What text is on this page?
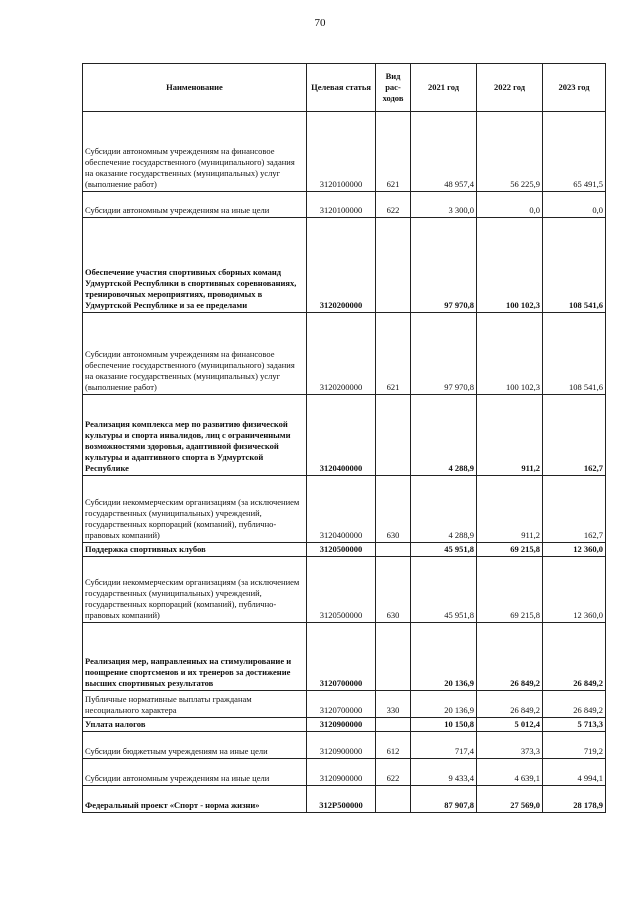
70
Наименование	Целевая статья	Вид рас-ходов	2021 год	2022 год	2023 год
Субсидии автономным учреждениям на финансовое обеспечение государственного (муниципального) задания на оказание государственных (муниципальных) услуг (выполнение работ)	3120100000	621	48 957,4	56 225,9	65 491,5
Субсидии автономным учреждениям на иные цели	3120100000	622	3 300,0	0,0	0,0
Обеспечение участия спортивных сборных команд Удмуртской Республики в спортивных соревнованиях, тренировочных мероприятиях, проводимых в Удмуртской Республике и за ее пределами	3120200000		97 970,8	100 102,3	108 541,6
Субсидии автономным учреждениям на финансовое обеспечение государственного (муниципального) задания на оказание государственных (муниципальных) услуг (выполнение работ)	3120200000	621	97 970,8	100 102,3	108 541,6
Реализация комплекса мер по развитию физической культуры и спорта инвалидов, лиц с ограниченными возможностями здоровья, адаптивной физической культуры и адаптивного спорта в Удмуртской Республике	3120400000		4 288,9	911,2	162,7
Субсидии некоммерческим организациям (за исключением государственных (муниципальных) учреждений, государственных корпораций (компаний), публично-правовых компаний)	3120400000	630	4 288,9	911,2	162,7
Поддержка спортивных клубов	3120500000		45 951,8	69 215,8	12 360,0
Субсидии некоммерческим организациям (за исключением государственных (муниципальных) учреждений, государственных корпораций (компаний), публично-правовых компаний)	3120500000	630	45 951,8	69 215,8	12 360,0
Реализация мер, направленных на стимулирование и поощрение спортсменов и их тренеров за достижение высших спортивных результатов	3120700000		20 136,9	26 849,2	26 849,2
Публичные нормативные выплаты гражданам несоциального характера	3120700000	330	20 136,9	26 849,2	26 849,2
Уплата налогов	3120900000		10 150,8	5 012,4	5 713,3
Субсидии бюджетным учреждениям на иные цели	3120900000	612	717,4	373,3	719,2
Субсидии автономным учреждениям на иные цели	3120900000	622	9 433,4	4 639,1	4 994,1
Федеральный проект «Спорт - норма жизни»	312P500000		87 907,8	27 569,0	28 178,9
